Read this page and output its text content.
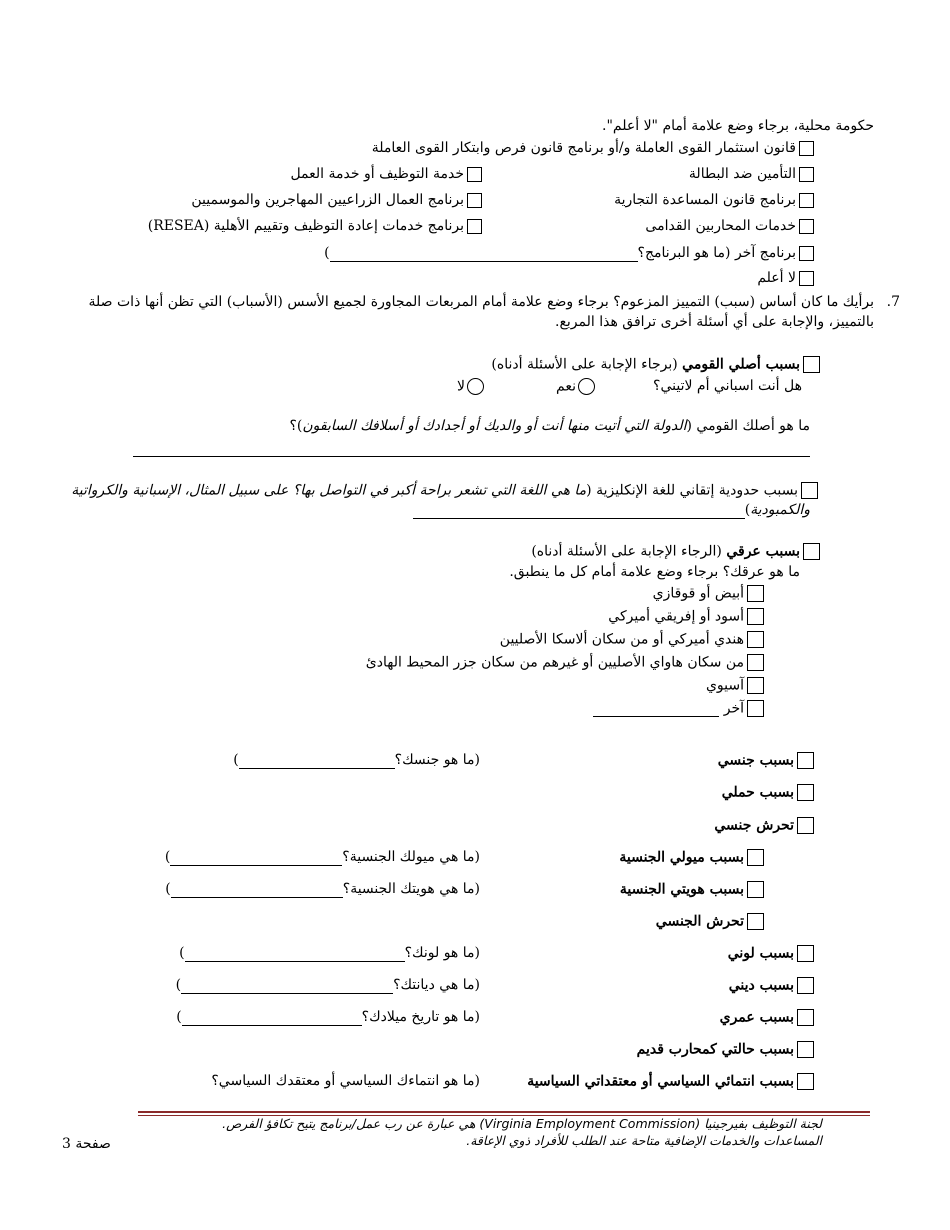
حكومة محلية، برجاء وضع علامة أمام "لا أعلم".
قانون استثمار القوى العاملة و/أو برنامج قانون فرص وابتكار القوى العاملة
التأمين ضد البطالة
خدمة التوظيف أو خدمة العمل
برنامج قانون المساعدة التجارية
برنامج العمال الزراعيين المهاجرين والموسميين
خدمات المحاربين القدامى
برنامج خدمات إعادة التوظيف وتقييم الأهلية (RESEA)
برنامج آخر (ما هو البرنامج؟)
لا أعلم
7.
برأيك ما كان أساس (سبب) التمييز المزعوم؟ برجاء وضع علامة أمام المربعات المجاورة لجميع الأسس (الأسباب) التي تظن أنها ذات صلة
بالتمييز، والإجابة على أي أسئلة أخرى ترافق هذا المربع.
بسبب أصلي القومي (برجاء الإجابة على الأسئلة أدناه)
هل أنت اسباني أم لاتيني؟
نعم
لا
ما هو أصلك القومي (الدولة التي أتيت منها أنت أو والديك أو أجدادك أو أسلافك السابقون)؟
بسبب حدودية إتقاني للغة الإنكليزية (ما هي اللغة التي تشعر براحة أكبر في التواصل بها؟ على سبيل المثال، الإسبانية والكرواتية
والكمبودية)
بسبب عرقي (الرجاء الإجابة على الأسئلة أدناه)
ما هو عرقك؟ برجاء وضع علامة أمام كل ما ينطبق.
أبيض أو قوقازي
أسود أو إفريقي أميركي
هندي أميركي أو من سكان ألاسكا الأصليين
من سكان هاواي الأصليين أو غيرهم من سكان جزر المحيط الهادئ
آسيوي
آخر
بسبب جنسي
(ما هو جنسك؟)
بسبب حملي
تحرش جنسي
بسبب ميولي الجنسية
(ما هي ميولك الجنسية؟)
بسبب هويتي الجنسية
(ما هي هويتك الجنسية؟)
تحرش الجنسي
بسبب لوني
(ما هو لونك؟)
بسبب ديني
(ما هي ديانتك؟)
بسبب عمري
(ما هو تاريخ ميلادك؟)
بسبب حالتي كمحارب قديم
بسبب انتمائي السياسي أو معتقداتي السياسية
(ما هو انتماءك السياسي أو معتقدك السياسي؟
لجنة التوظيف بفيرجينيا (Virginia Employment Commission) هي عبارة عن رب عمل/برنامج يتيح تكافؤ الفرص.
المساعدات والخدمات الإضافية متاحة عند الطلب للأفراد ذوي الإعاقة.
صفحة 3
